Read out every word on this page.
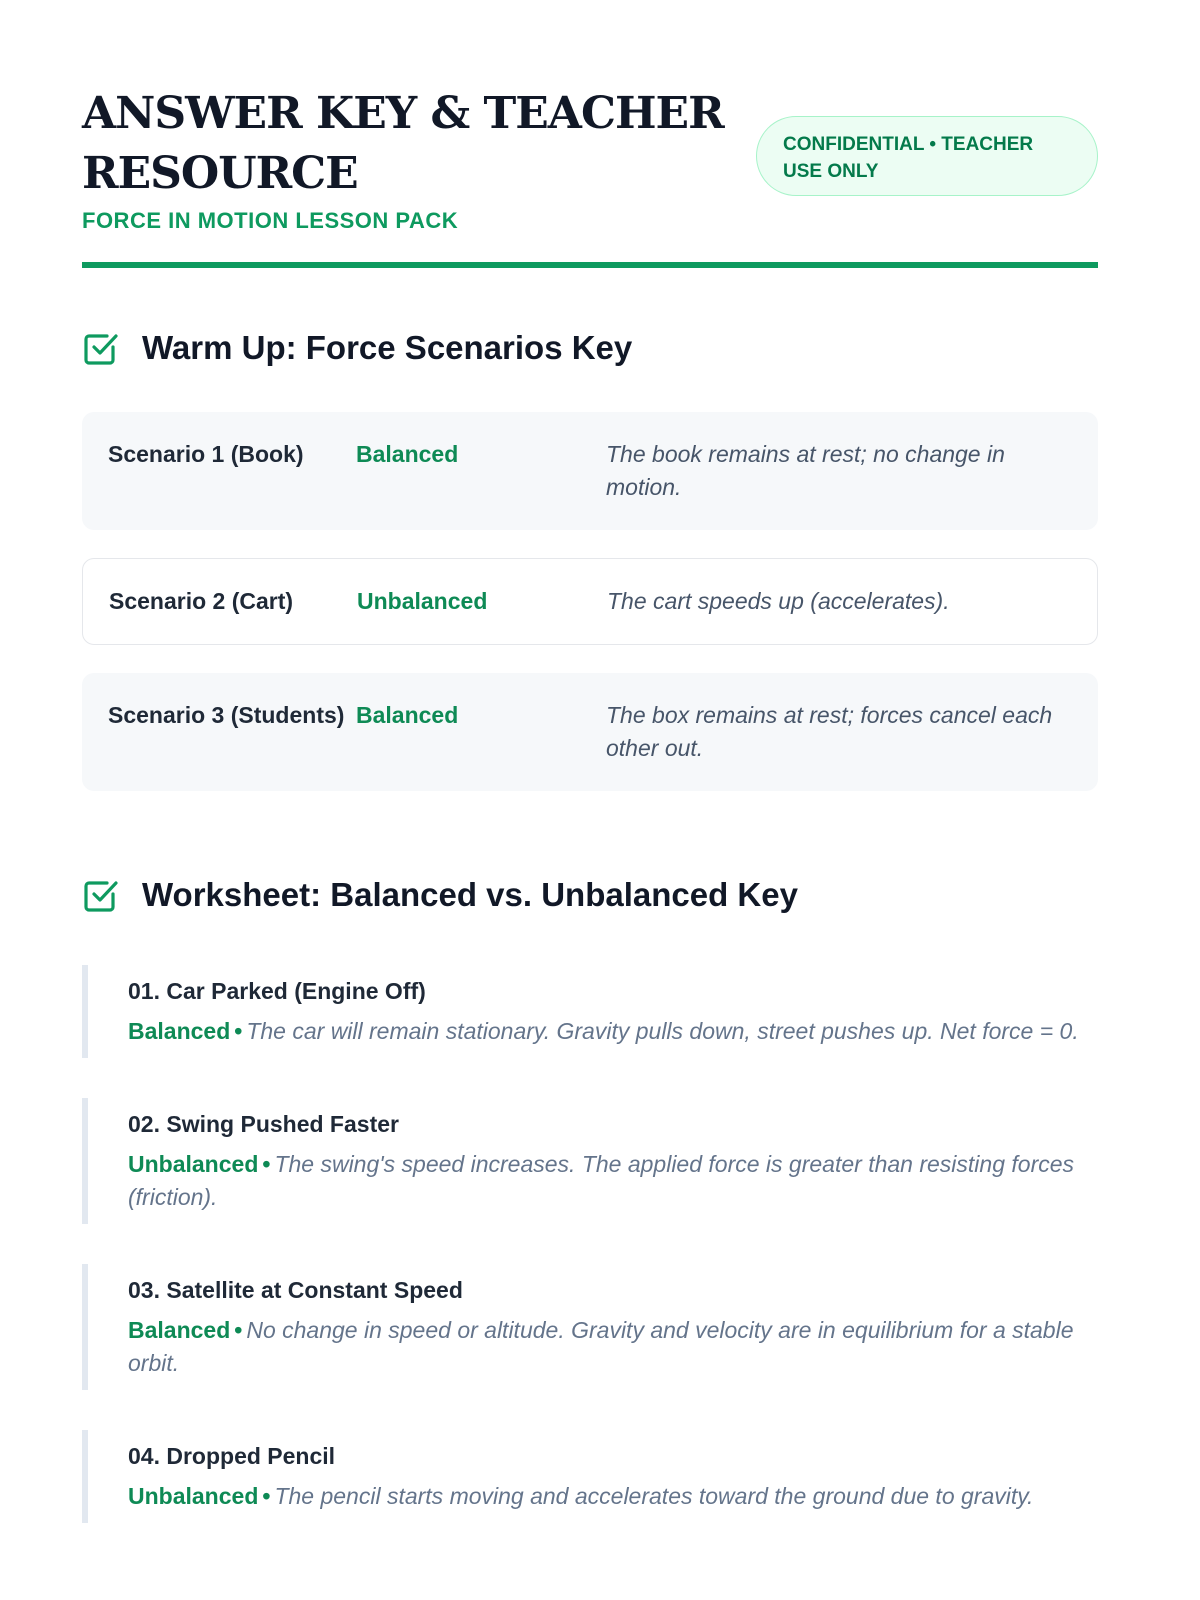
ANSWER KEY & TEACHER RESOURCE
FORCE IN MOTION LESSON PACK
CONFIDENTIAL • TEACHER USE ONLY
Warm Up: Force Scenarios Key
Scenario 1 (Book)	Balanced	The book remains at rest; no change in motion.
Scenario 2 (Cart)	Unbalanced	The cart speeds up (accelerates).
Scenario 3 (Students) Balanced	The box remains at rest; forces cancel each other out.
Worksheet: Balanced vs. Unbalanced Key
01. Car Parked (Engine Off)
Balanced • The car will remain stationary. Gravity pulls down, street pushes up. Net force = 0.
02. Swing Pushed Faster
Unbalanced • The swing's speed increases. The applied force is greater than resisting forces (friction).
03. Satellite at Constant Speed
Balanced • No change in speed or altitude. Gravity and velocity are in equilibrium for a stable orbit.
04. Dropped Pencil
Unbalanced • The pencil starts moving and accelerates toward the ground due to gravity.
